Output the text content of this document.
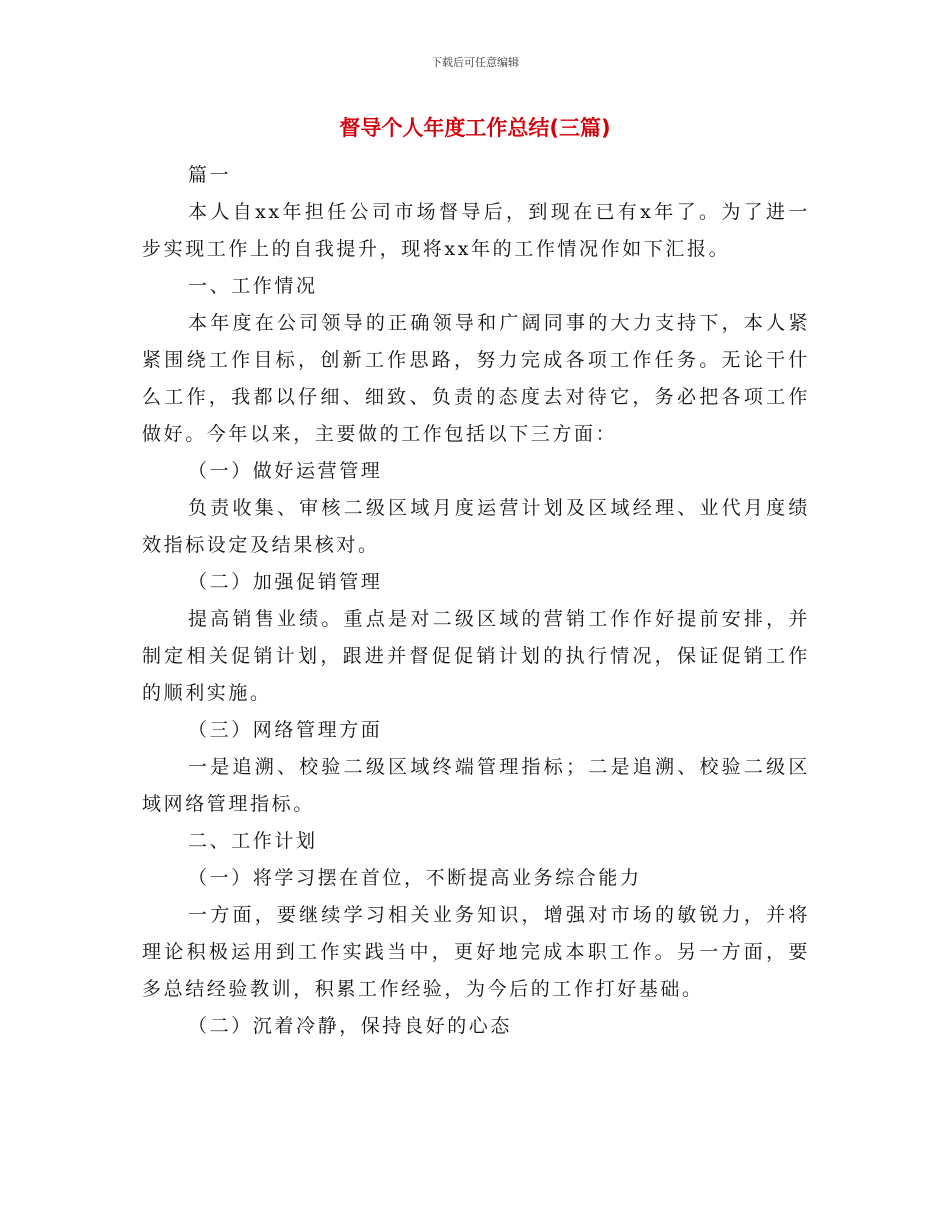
下载后可任意编辑
督导个人年度工作总结(三篇)

篇一

本人自xx年担任公司市场督导后，到现在已有x年了。为了进一步实现工作上的自我提升，现将xx年的工作情况作如下汇报。

一、工作情况

本年度在公司领导的正确领导和广阔同事的大力支持下，本人紧紧围绕工作目标，创新工作思路，努力完成各项工作任务。无论干什么工作，我都以仔细、细致、负责的态度去对待它，务必把各项工作做好。今年以来，主要做的工作包括以下三方面：

（一）做好运营管理

负责收集、审核二级区域月度运营计划及区域经理、业代月度绩效指标设定及结果核对。

（二）加强促销管理

提高销售业绩。重点是对二级区域的营销工作作好提前安排，并制定相关促销计划，跟进并督促促销计划的执行情况，保证促销工作的顺利实施。

（三）网络管理方面

一是追溯、校验二级区域终端管理指标；二是追溯、校验二级区域网络管理指标。

二、工作计划

（一）将学习摆在首位，不断提高业务综合能力

一方面，要继续学习相关业务知识，增强对市场的敏锐力，并将理论积极运用到工作实践当中，更好地完成本职工作。另一方面，要多总结经验教训，积累工作经验，为今后的工作打好基础。

（二）沉着冷静，保持良好的心态
